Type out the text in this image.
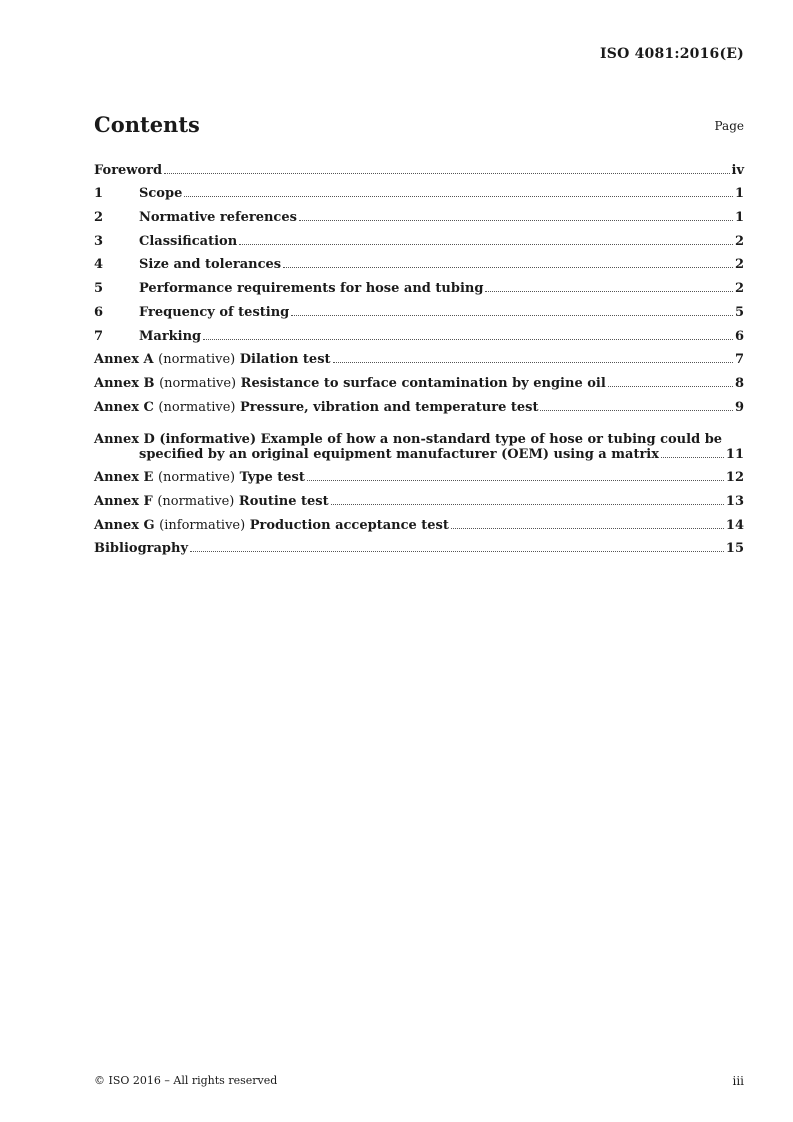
ISO 4081:2016(E)
Contents	Page
Foreword	iv
1	Scope	1
2	Normative references	1
3	Classification	2
4	Size and tolerances	2
5	Performance requirements for hose and tubing	2
6	Frequency of testing	5
7	Marking	6
Annex A (normative) Dilation test	7
Annex B (normative) Resistance to surface contamination by engine oil	8
Annex C (normative) Pressure, vibration and temperature test	9
Annex D (informative) Example of how a non-standard type of hose or tubing could be
specified by an original equipment manufacturer (OEM) using a matrix	11
Annex E (normative) Type test	12
Annex F (normative) Routine test	13
Annex G (informative) Production acceptance test	14
Bibliography	15
© ISO 2016 – All rights reserved	iii
